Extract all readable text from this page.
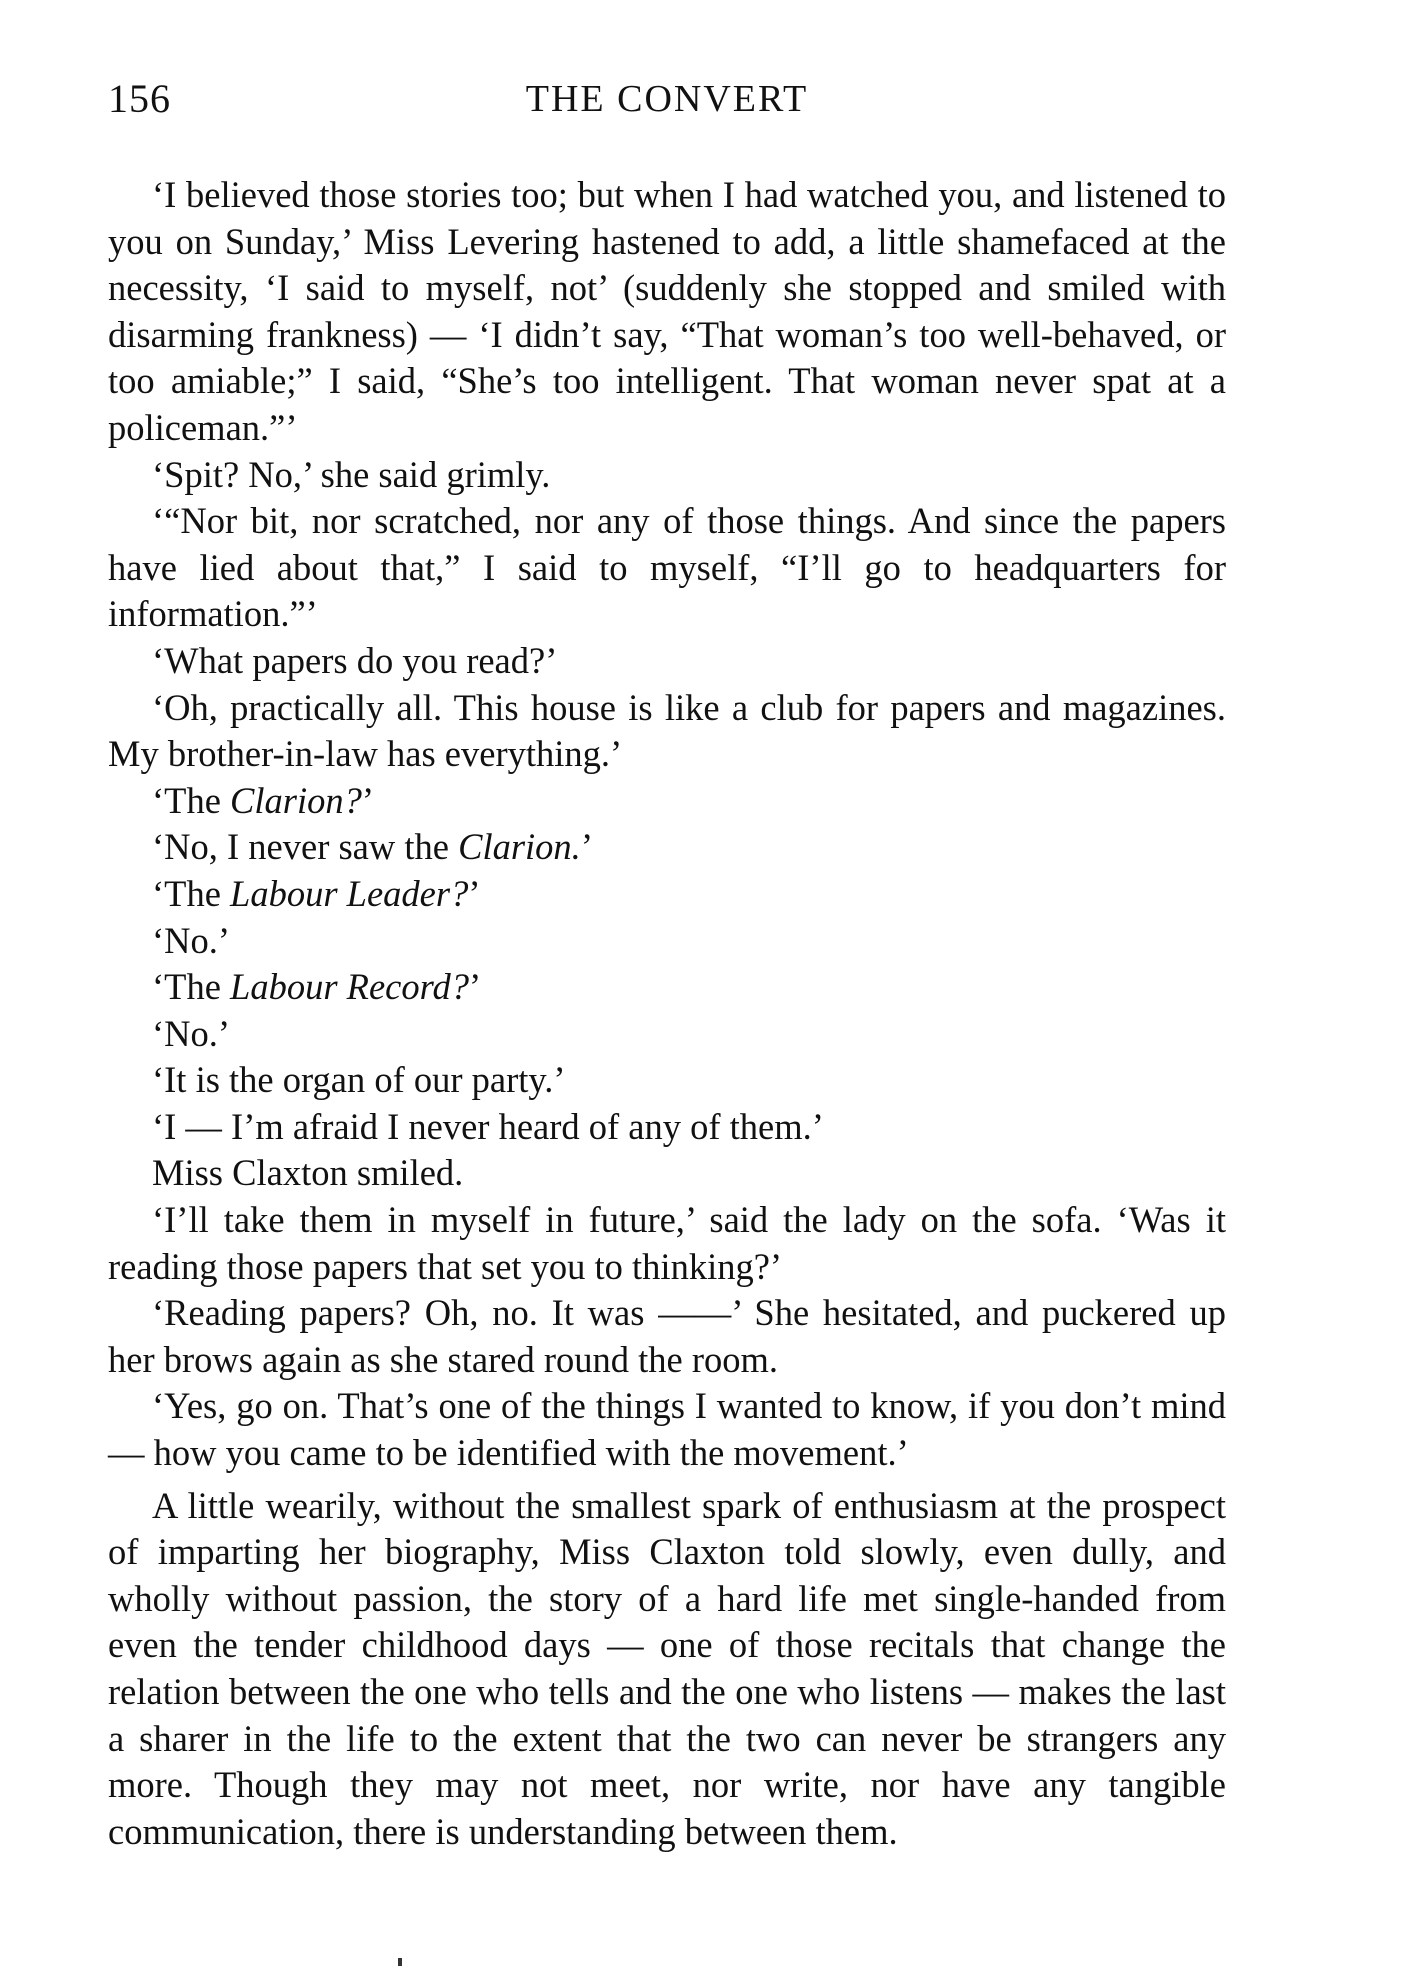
156	THE CONVERT

‘I believed those stories too; but when I had watched you, and listened to you on Sunday,’ Miss Levering hastened to add, a little shamefaced at the necessity, ‘I said to myself, not’ (suddenly she stopped and smiled with disarming frankness) — ‘I didn’t say, “That woman’s too well-behaved, or too amiable;” I said, “She’s too intelligent. That woman never spat at a policeman.”’

‘Spit? No,’ she said grimly.

‘“Nor bit, nor scratched, nor any of those things. And since the papers have lied about that,” I said to myself, “I’ll go to headquarters for information.”’

‘What papers do you read?’

‘Oh, practically all. This house is like a club for papers and magazines. My brother-in-law has everything.’

‘The Clarion?’

‘No, I never saw the Clarion.’

‘The Labour Leader?’

‘No.’

‘The Labour Record?’

‘No.’

‘It is the organ of our party.’

‘I — I’m afraid I never heard of any of them.’

Miss Claxton smiled.

‘I’ll take them in myself in future,’ said the lady on the sofa. ‘Was it reading those papers that set you to thinking?’

‘Reading papers? Oh, no. It was ——’ She hesitated, and puckered up her brows again as she stared round the room.

‘Yes, go on. That’s one of the things I wanted to know, if you don’t mind — how you came to be identified with the movement.’

A little wearily, without the smallest spark of enthusiasm at the prospect of imparting her biography, Miss Claxton told slowly, even dully, and wholly without passion, the story of a hard life met single-handed from even the tender childhood days — one of those recitals that change the relation between the one who tells and the one who listens — makes the last a sharer in the life to the extent that the two can never be strangers any more. Though they may not meet, nor write, nor have any tangible communication, there is understanding between them.
